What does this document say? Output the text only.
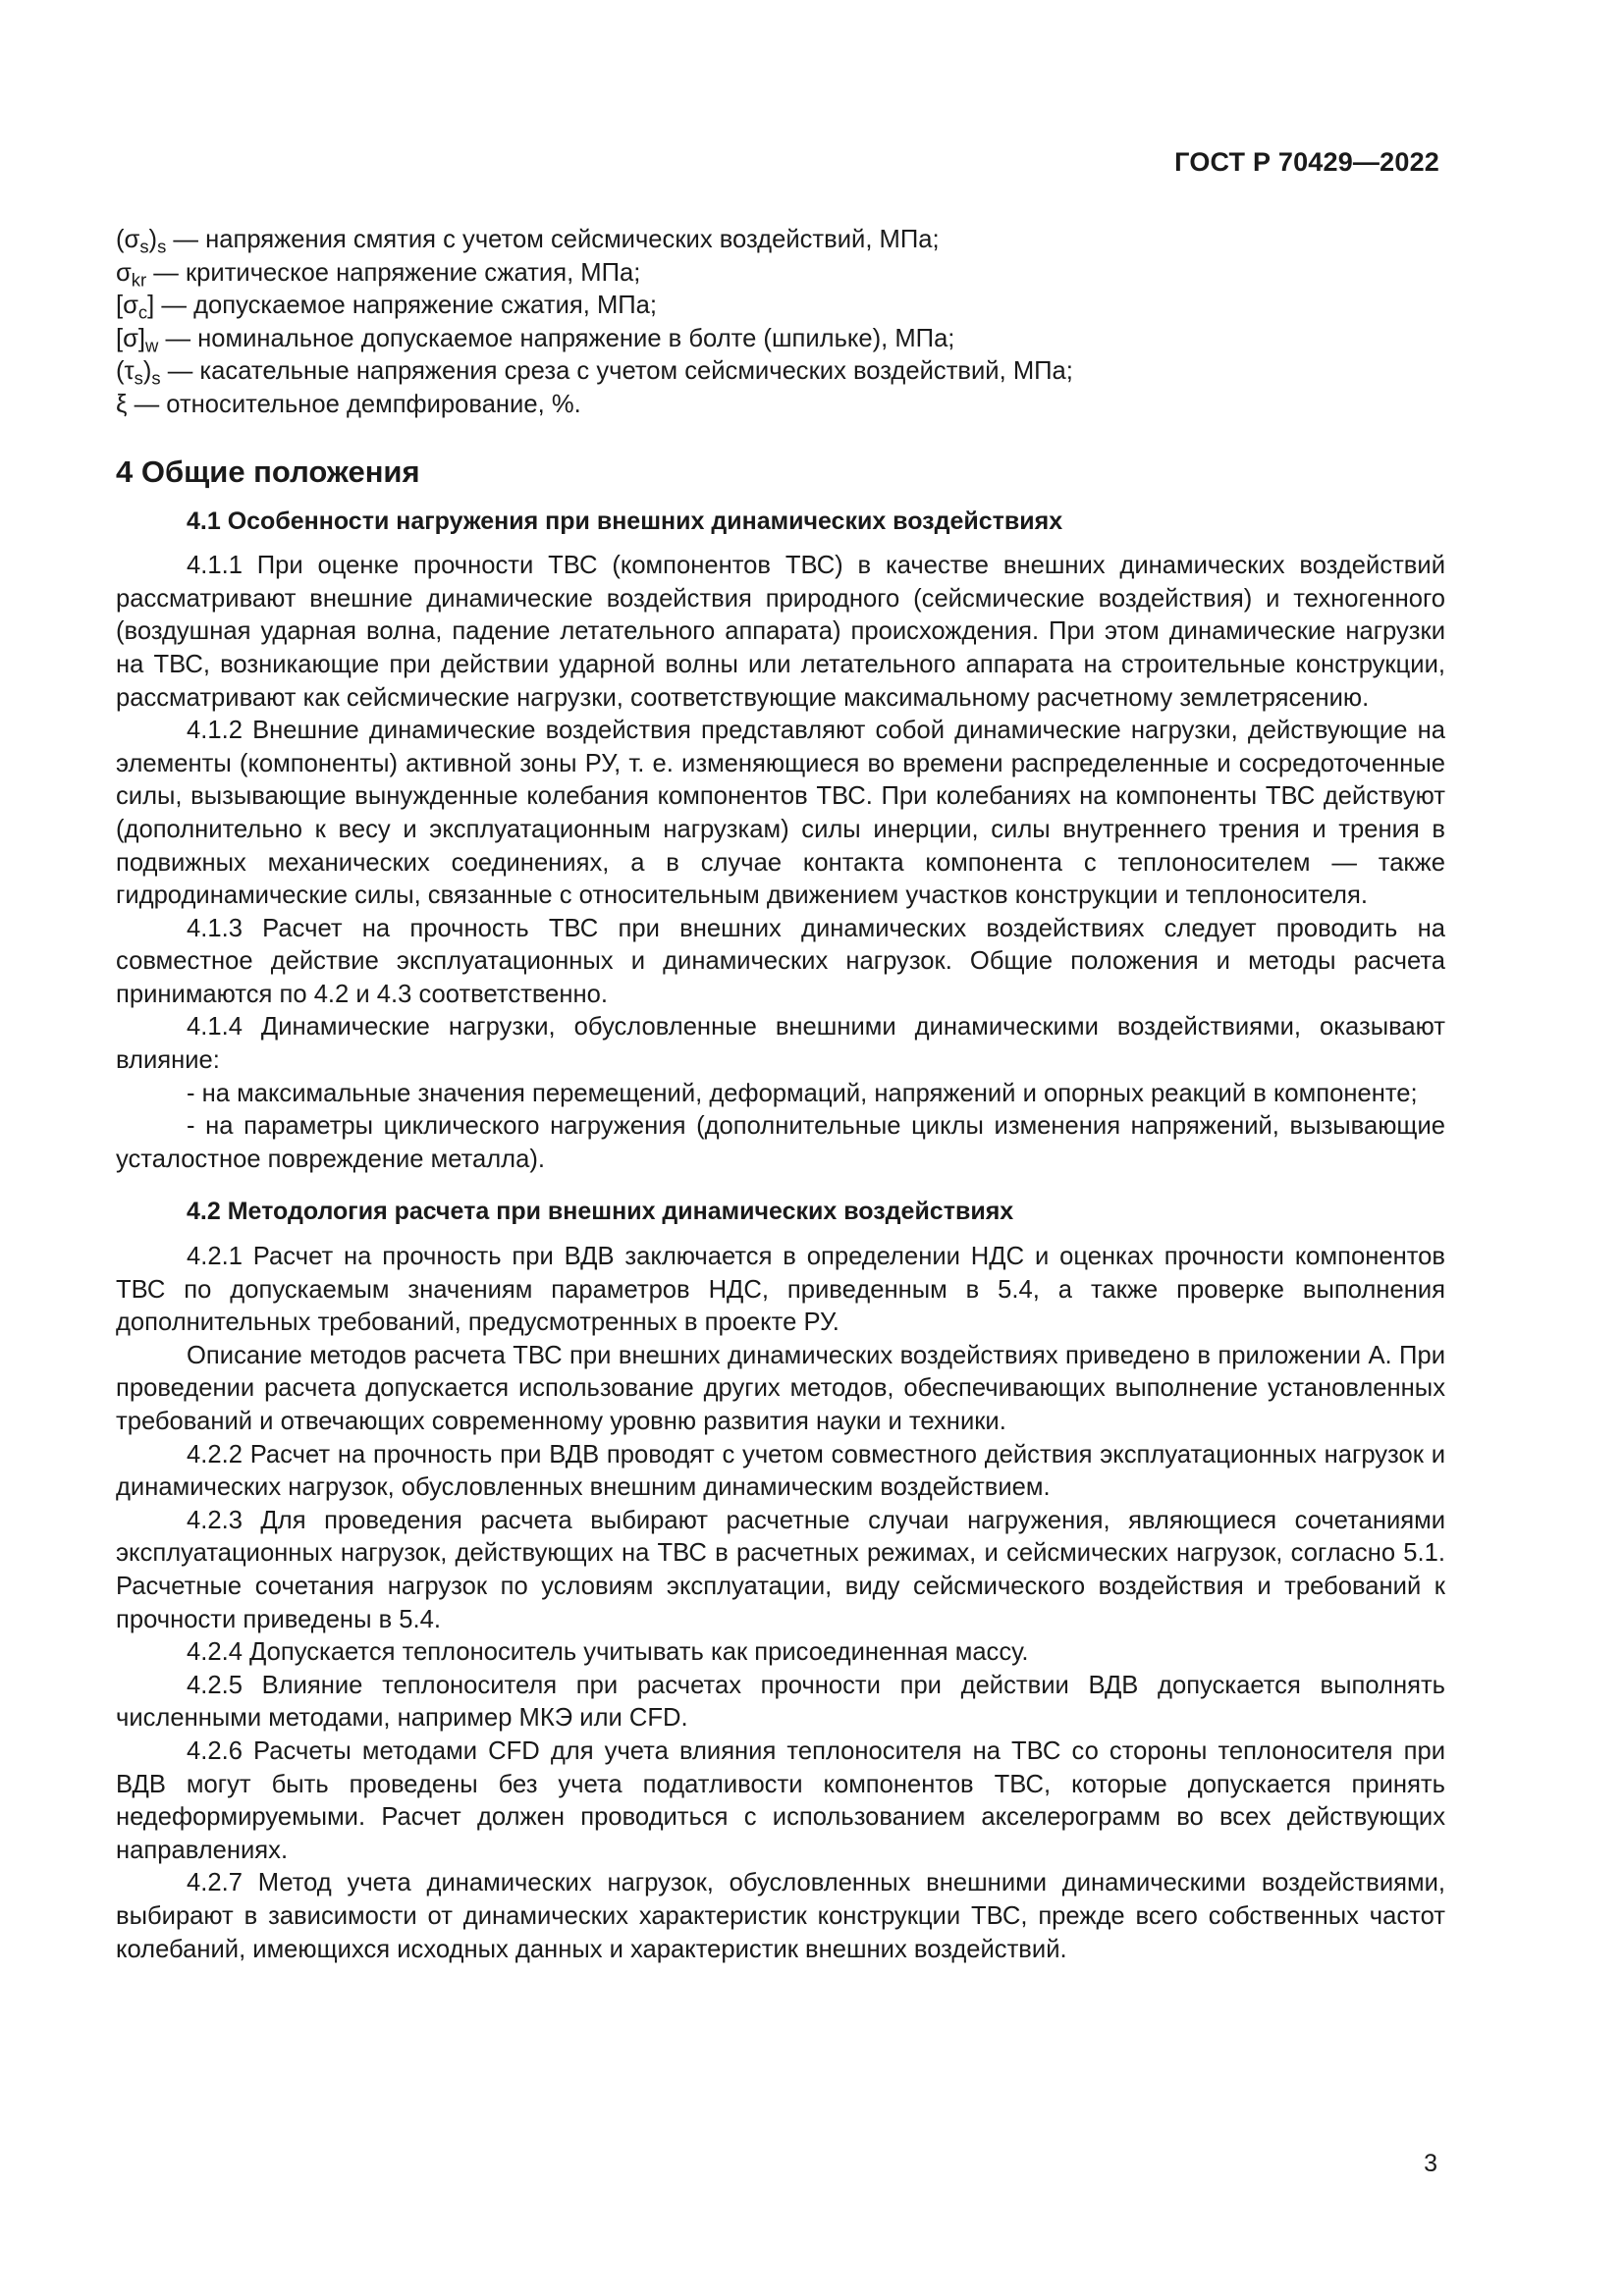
ГОСТ Р 70429—2022
$(\sigma_s)_s$ — напряжения смятия с учетом сейсмических воздействий, МПа;
$\sigma_{kr}$ — критическое напряжение сжатия, МПа;
$[\sigma_c]$ — допускаемое напряжение сжатия, МПа;
$[\sigma]_w$ — номинальное допускаемое напряжение в болте (шпильке), МПа;
$(\tau_s)_s$ — касательные напряжения среза с учетом сейсмических воздействий, МПа;
ξ — относительное демпфирование, %.
4 Общие положения
4.1 Особенности нагружения при внешних динамических воздействиях

4.1.1 При оценке прочности ТВС (компонентов ТВС) в качестве внешних динамических воздействий рассматривают внешние динамические воздействия природного (сейсмические воздействия) и техногенного (воздушная ударная волна, падение летательного аппарата) происхождения. При этом динамические нагрузки на ТВС, возникающие при действии ударной волны или летательного аппарата на строительные конструкции, рассматривают как сейсмические нагрузки, соответствующие максимальному расчетному землетрясению.

4.1.2 Внешние динамические воздействия представляют собой динамические нагрузки, действующие на элементы (компоненты) активной зоны РУ, т. е. изменяющиеся во времени распределенные и сосредоточенные силы, вызывающие вынужденные колебания компонентов ТВС. При колебаниях на компоненты ТВС действуют (дополнительно к весу и эксплуатационным нагрузкам) силы инерции, силы внутреннего трения и трения в подвижных механических соединениях, а в случае контакта компонента с теплоносителем — также гидродинамические силы, связанные с относительным движением участков конструкции и теплоносителя.

4.1.3 Расчет на прочность ТВС при внешних динамических воздействиях следует проводить на совместное действие эксплуатационных и динамических нагрузок. Общие положения и методы расчета принимаются по 4.2 и 4.3 соответственно.

4.1.4 Динамические нагрузки, обусловленные внешними динамическими воздействиями, оказывают влияние:

- на максимальные значения перемещений, деформаций, напряжений и опорных реакций в компоненте;

- на параметры циклического нагружения (дополнительные циклы изменения напряжений, вызывающие усталостное повреждение металла).

4.2 Методология расчета при внешних динамических воздействиях

4.2.1 Расчет на прочность при ВДВ заключается в определении НДС и оценках прочности компонентов ТВС по допускаемым значениям параметров НДС, приведенным в 5.4, а также проверке выполнения дополнительных требований, предусмотренных в проекте РУ.

Описание методов расчета ТВС при внешних динамических воздействиях приведено в приложении А. При проведении расчета допускается использование других методов, обеспечивающих выполнение установленных требований и отвечающих современному уровню развития науки и техники.

4.2.2 Расчет на прочность при ВДВ проводят с учетом совместного действия эксплуатационных нагрузок и динамических нагрузок, обусловленных внешним динамическим воздействием.

4.2.3 Для проведения расчета выбирают расчетные случаи нагружения, являющиеся сочетаниями эксплуатационных нагрузок, действующих на ТВС в расчетных режимах, и сейсмических нагрузок, согласно 5.1. Расчетные сочетания нагрузок по условиям эксплуатации, виду сейсмического воздействия и требований к прочности приведены в 5.4.

4.2.4 Допускается теплоноситель учитывать как присоединенная массу.

4.2.5 Влияние теплоносителя при расчетах прочности при действии ВДВ допускается выполнять численными методами, например МКЭ или CFD.

4.2.6 Расчеты методами CFD для учета влияния теплоносителя на ТВС со стороны теплоносителя при ВДВ могут быть проведены без учета податливости компонентов ТВС, которые допускается принять недеформируемыми. Расчет должен проводиться с использованием акселерограмм во всех действующих направлениях.

4.2.7 Метод учета динамических нагрузок, обусловленных внешними динамическими воздействиями, выбирают в зависимости от динамических характеристик конструкции ТВС, прежде всего собственных частот колебаний, имеющихся исходных данных и характеристик внешних воздействий.

3
